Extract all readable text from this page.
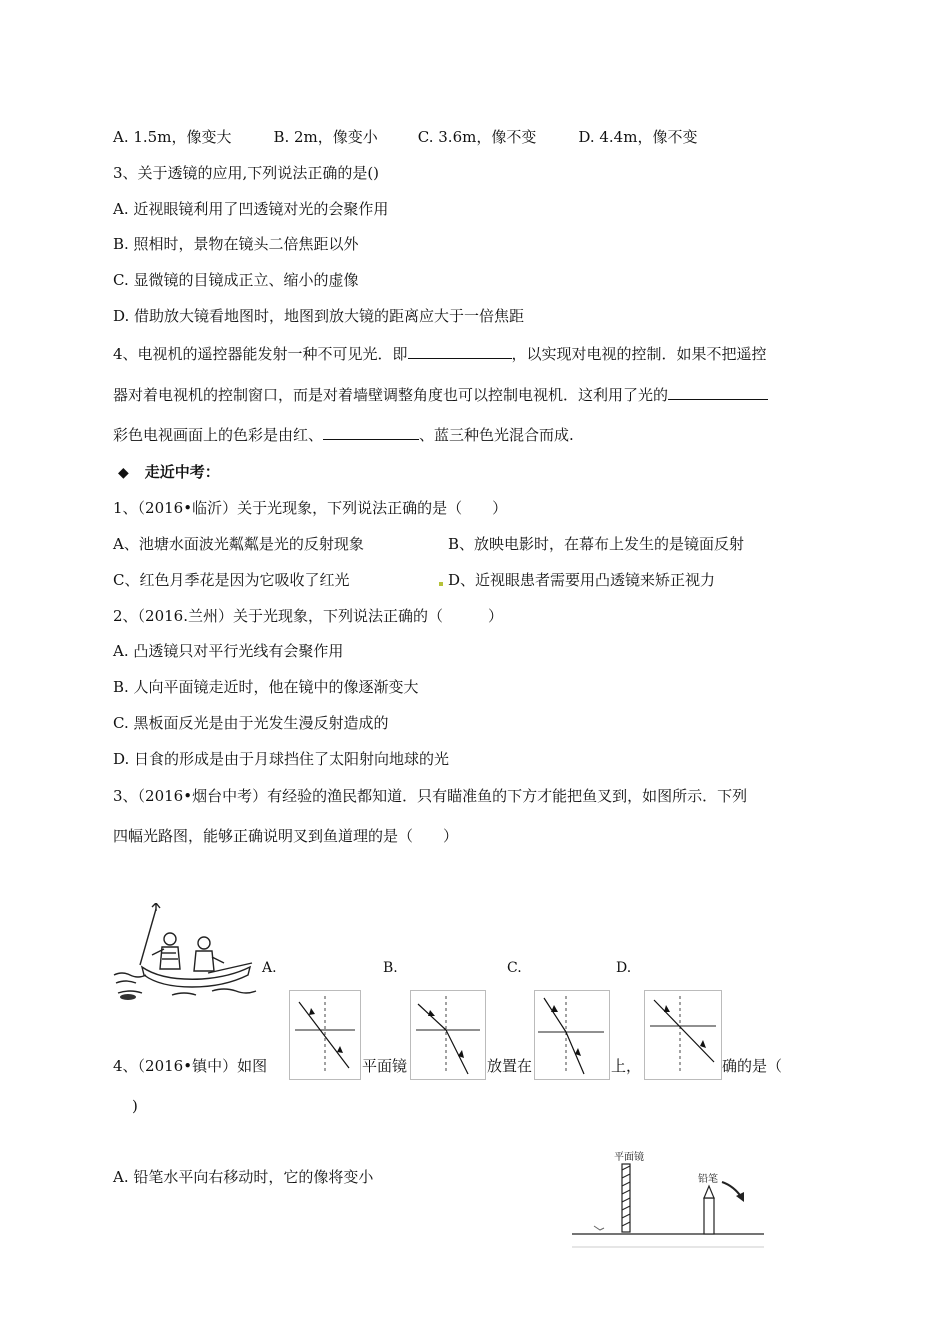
A. 1.5m，像变大	B. 2m，像变小	C. 3.6m，像不变	D. 4.4m，像不变
3、关于透镜的应用,下列说法正确的是()
A. 近视眼镜利用了凹透镜对光的会聚作用
B. 照相时，景物在镜头二倍焦距以外
C. 显微镜的目镜成正立、缩小的虚像
D. 借助放大镜看地图时，地图到放大镜的距离应大于一倍焦距
4、电视机的遥控器能发射一种不可见光．即	，以实现对电视的控制．如果不把遥控
器对着电视机的控制窗口，而是对着墙壁调整角度也可以控制电视机．这利用了光的
彩色电视画面上的色彩是由红、	、蓝三种色光混合而成.
◆ 走近中考：
1、（2016•临沂）关于光现象，下列说法正确的是（　　）
A、池塘水面波光粼粼是光的反射现象	B、放映电影时，在幕布上发生的是镜面反射
C、红色月季花是因为它吸收了红光	D、近视眼患者需要用凸透镜来矫正视力
2、（2016.兰州）关于光现象，下列说法正确的（　　　）
A. 凸透镜只对平行光线有会聚作用
B. 人向平面镜走近时，他在镜中的像逐渐变大
C. 黑板面反光是由于光发生漫反射造成的
D. 日食的形成是由于月球挡住了太阳射向地球的光
3、（2016•烟台中考）有经验的渔民都知道．只有瞄准鱼的下方才能把鱼叉到，如图所示．下列
四幅光路图，能够正确说明叉到鱼道理的是（　　）
A.	B.	C.	D.
4、（2016•镇中）如图	平面镜	放置在	上，	确的是（
)
A. 铅笔水平向右移动时，它的像将变小
平面镜
铅笔
